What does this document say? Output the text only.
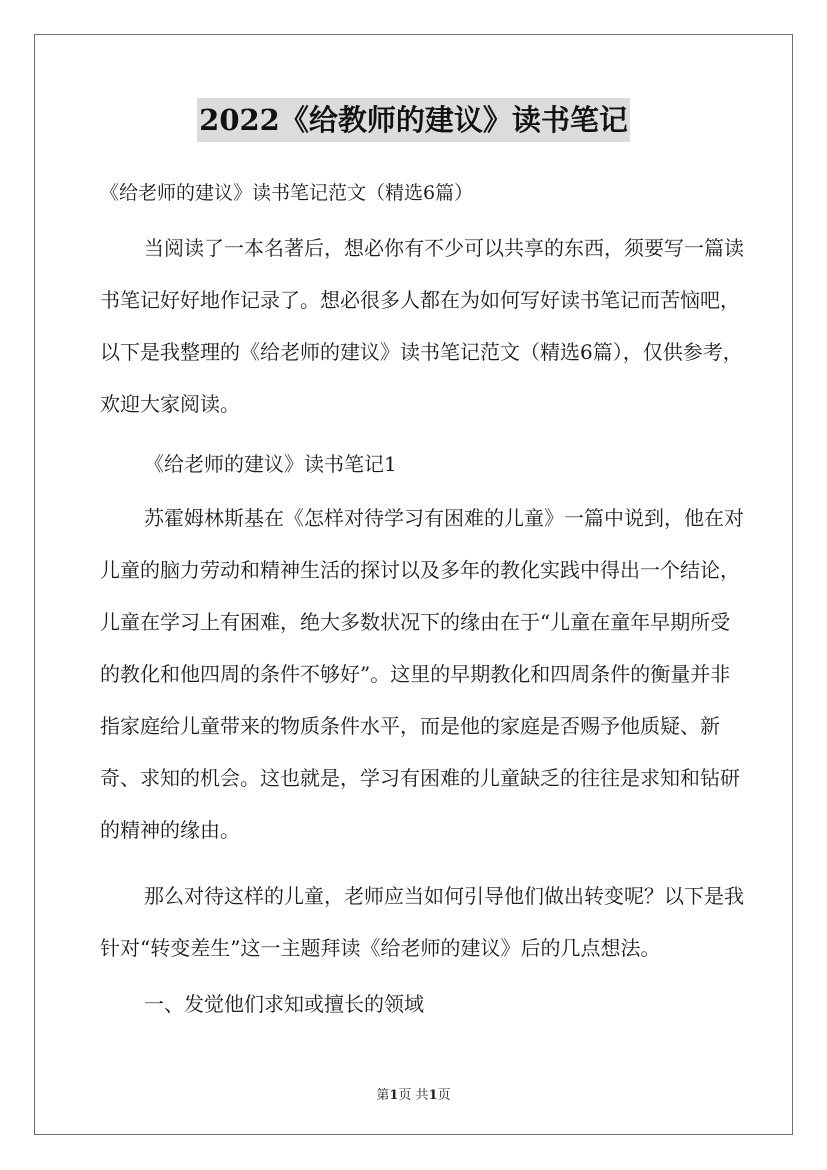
2022《给教师的建议》读书笔记

《给老师的建议》读书笔记范文（精选6篇）

当阅读了一本名著后，想必你有不少可以共享的东西，须要写一篇读书笔记好好地作记录了。想必很多人都在为如何写好读书笔记而苦恼吧，以下是我整理的《给老师的建议》读书笔记范文（精选6篇），仅供参考，欢迎大家阅读。

《给老师的建议》读书笔记1

苏霍姆林斯基在《怎样对待学习有困难的儿童》一篇中说到，他在对儿童的脑力劳动和精神生活的探讨以及多年的教化实践中得出一个结论，儿童在学习上有困难，绝大多数状况下的缘由在于“儿童在童年早期所受的教化和他四周的条件不够好”。这里的早期教化和四周条件的衡量并非指家庭给儿童带来的物质条件水平，而是他的家庭是否赐予他质疑、新奇、求知的机会。这也就是，学习有困难的儿童缺乏的往往是求知和钻研的精神的缘由。

那么对待这样的儿童，老师应当如何引导他们做出转变呢？以下是我针对“转变差生”这一主题拜读《给老师的建议》后的几点想法。

一、发觉他们求知或擅长的领域

第1页 共1页
